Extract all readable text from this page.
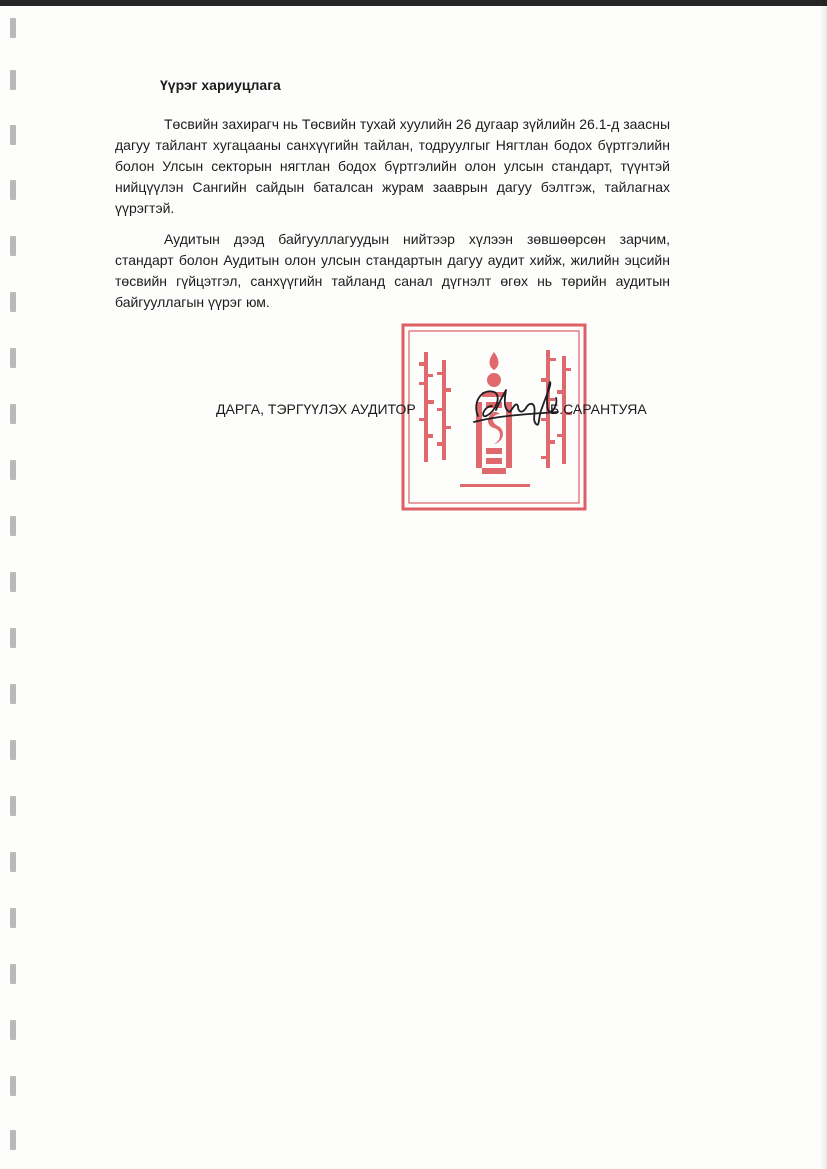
Үүрэг хариуцлага

Төсвийн захирагч нь Төсвийн тухай хуулийн 26 дугаар зүйлийн 26.1-д заасны дагуу тайлант хугацааны санхүүгийн тайлан, тодруулгыг Нягтлан бодох бүртгэлийн болон Улсын секторын нягтлан бодох бүртгэлийн олон улсын стандарт, түүнтэй нийцүүлэн Сангийн сайдын баталсан журам зааврын дагуу бэлтгэж, тайлагнах үүрэгтэй.

Аудитын дээд байгууллагуудын нийтээр хүлээн зөвшөөрсөн зарчим, стандарт болон Аудитын олон улсын стандартын дагуу аудит хийж, жилийн эцсийн төсвийн гүйцэтгэл, санхүүгийн тайланд санал дүгнэлт өгөх нь төрийн аудитын байгууллагын үүрэг юм.

ДАРГА, ТЭРГҮҮЛЭХ АУДИТОР	Б.САРАНТУЯА
